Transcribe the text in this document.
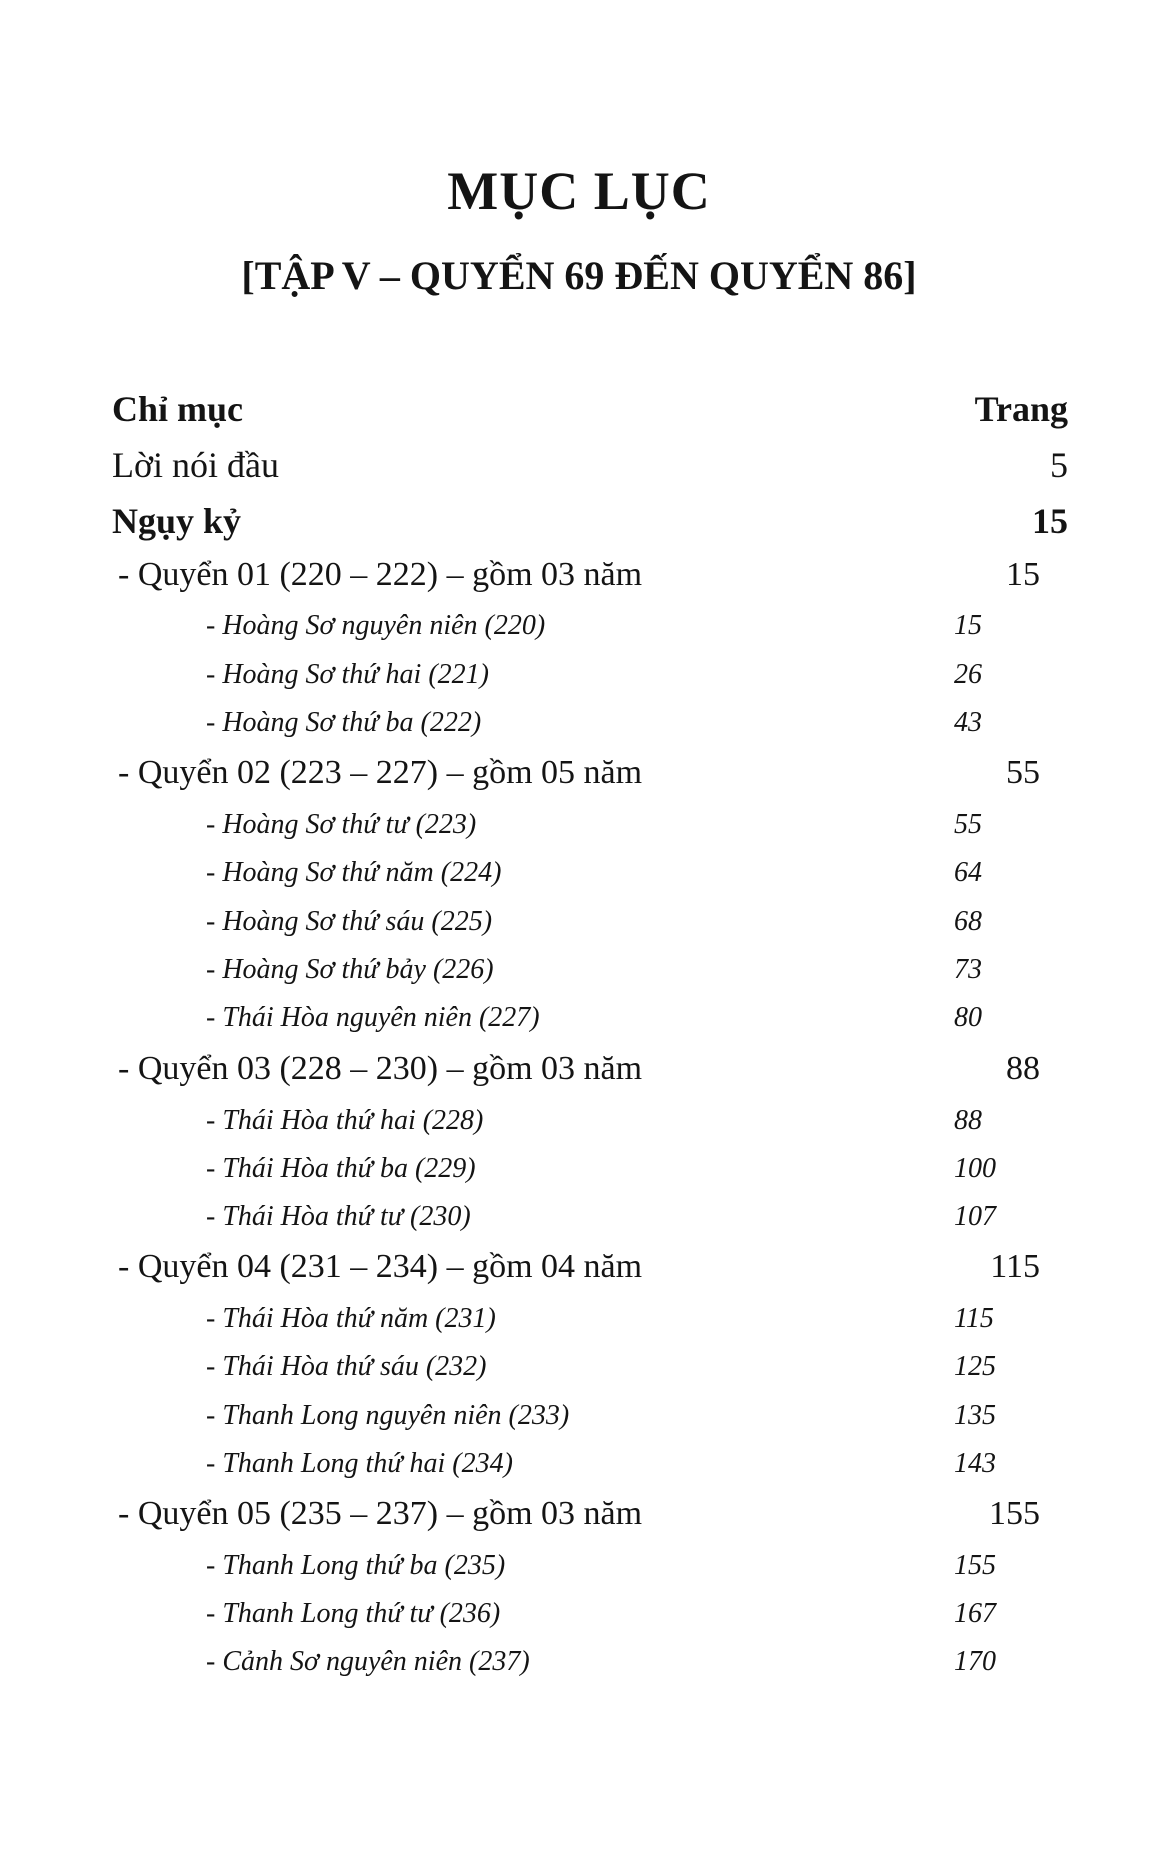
MỤC LỤC
[TẬP V – QUYỂN 69 ĐẾN QUYỂN 86]
Chỉ mục	Trang
Lời nói đầu	5
Ngụy kỷ	15
- Quyển 01 (220 – 222) – gồm 03 năm	15
- Hoàng Sơ nguyên niên (220)	15
- Hoàng Sơ thứ hai (221)	26
- Hoàng Sơ thứ ba (222)	43
- Quyển 02 (223 – 227) – gồm 05 năm	55
- Hoàng Sơ thứ tư (223)	55
- Hoàng Sơ thứ năm (224)	64
- Hoàng Sơ thứ sáu (225)	68
- Hoàng Sơ thứ bảy (226)	73
- Thái Hòa nguyên niên (227)	80
- Quyển 03 (228 – 230) – gồm 03 năm	88
- Thái Hòa thứ hai (228)	88
- Thái Hòa thứ ba (229)	100
- Thái Hòa thứ tư (230)	107
- Quyển 04 (231 – 234) – gồm 04 năm	115
- Thái Hòa thứ năm (231)	115
- Thái Hòa thứ sáu (232)	125
- Thanh Long nguyên niên (233)	135
- Thanh Long thứ hai (234)	143
- Quyển 05 (235 – 237) – gồm 03 năm	155
- Thanh Long thứ ba (235)	155
- Thanh Long thứ tư (236)	167
- Cảnh Sơ nguyên niên (237)	170
